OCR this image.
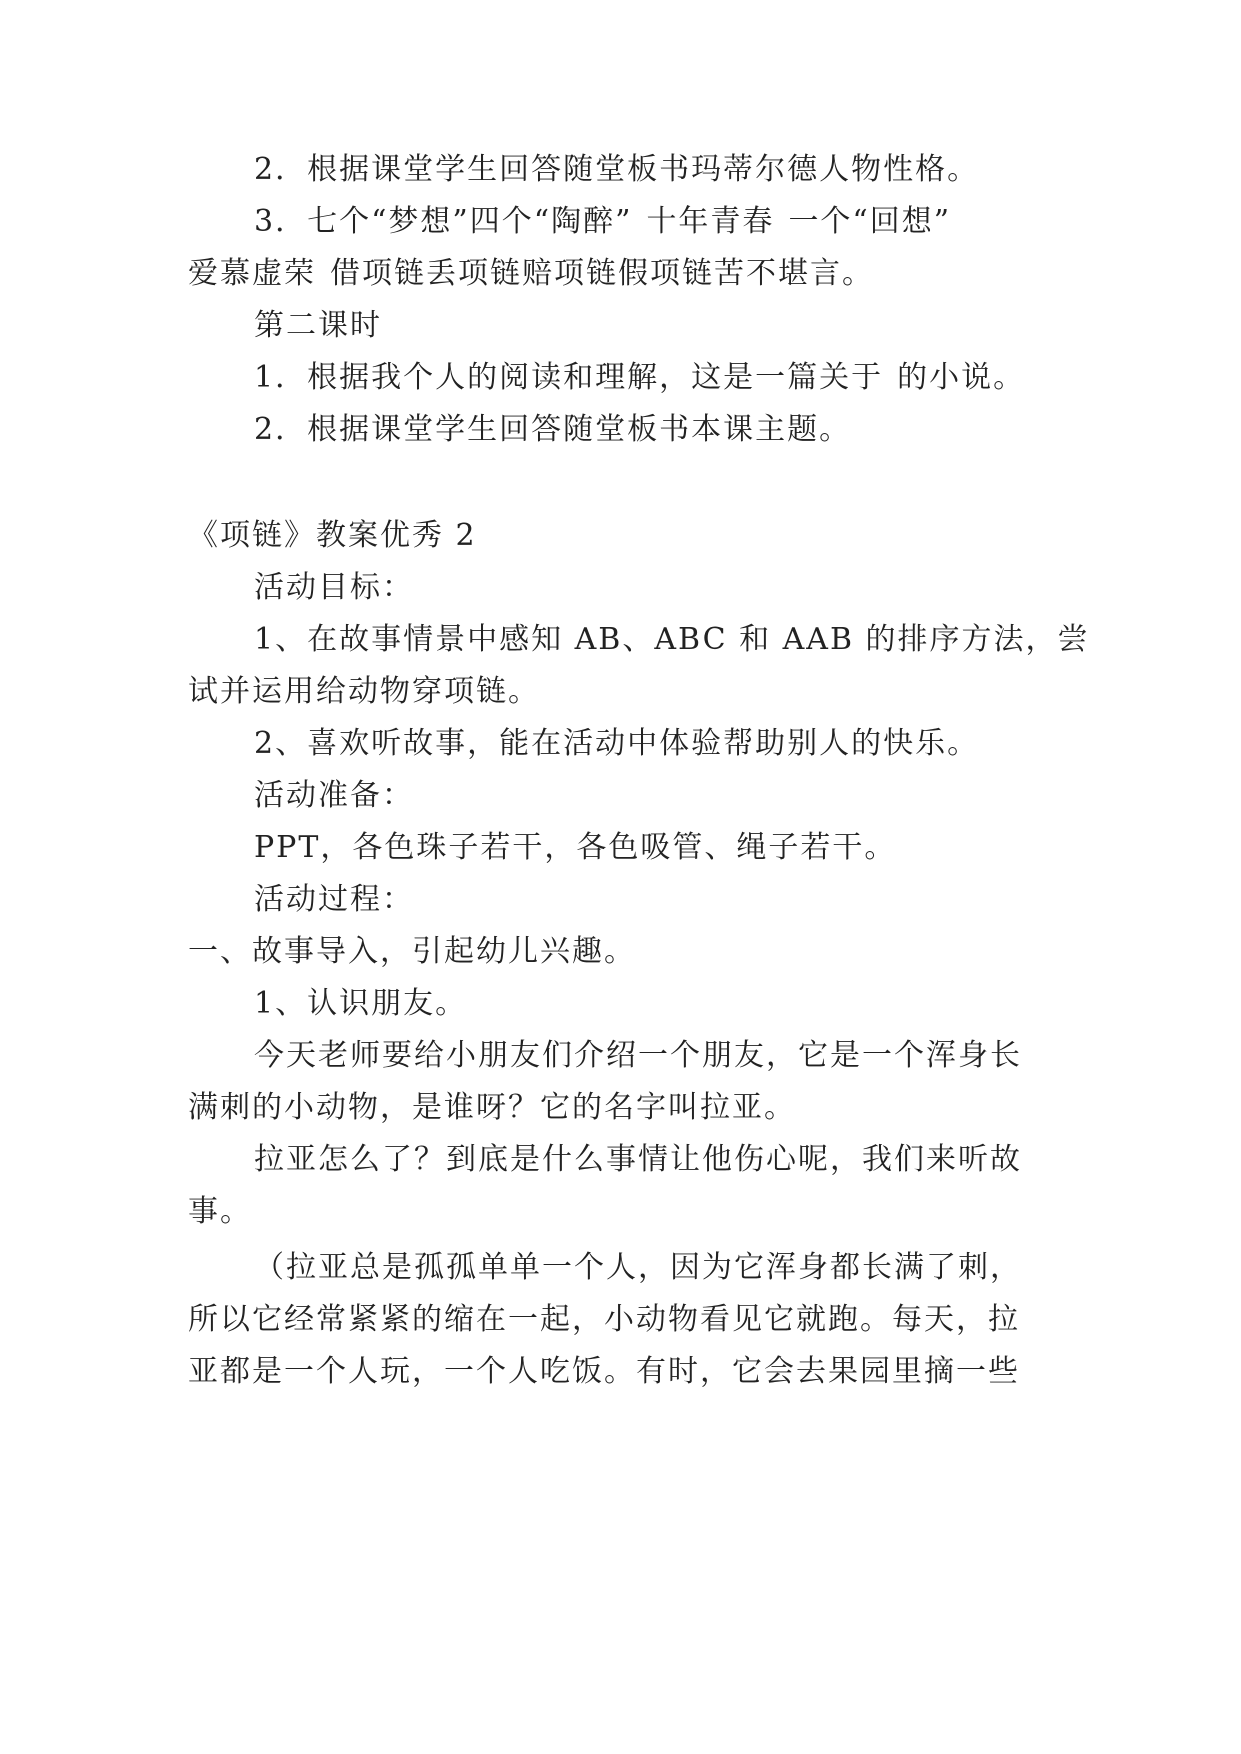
2．根据课堂学生回答随堂板书玛蒂尔德人物性格。
3．七个“梦想”四个“陶醉” 十年青春 一个“回想”
爱慕虚荣 借项链丢项链赔项链假项链苦不堪言。
第二课时
1．根据我个人的阅读和理解，这是一篇关于 的小说。
2．根据课堂学生回答随堂板书本课主题。
《项链》教案优秀 2
活动目标：
1、在故事情景中感知 AB、ABC 和 AAB 的排序方法，尝
试并运用给动物穿项链。
2、喜欢听故事，能在活动中体验帮助别人的快乐。
活动准备：
PPT，各色珠子若干，各色吸管、绳子若干。
活动过程：
一、故事导入，引起幼儿兴趣。
1、认识朋友。
今天老师要给小朋友们介绍一个朋友，它是一个浑身长
满刺的小动物，是谁呀？它的名字叫拉亚。
拉亚怎么了？到底是什么事情让他伤心呢，我们来听故
事。
（拉亚总是孤孤单单一个人，因为它浑身都长满了刺，
所以它经常紧紧的缩在一起，小动物看见它就跑。每天，拉
亚都是一个人玩，一个人吃饭。有时，它会去果园里摘一些
